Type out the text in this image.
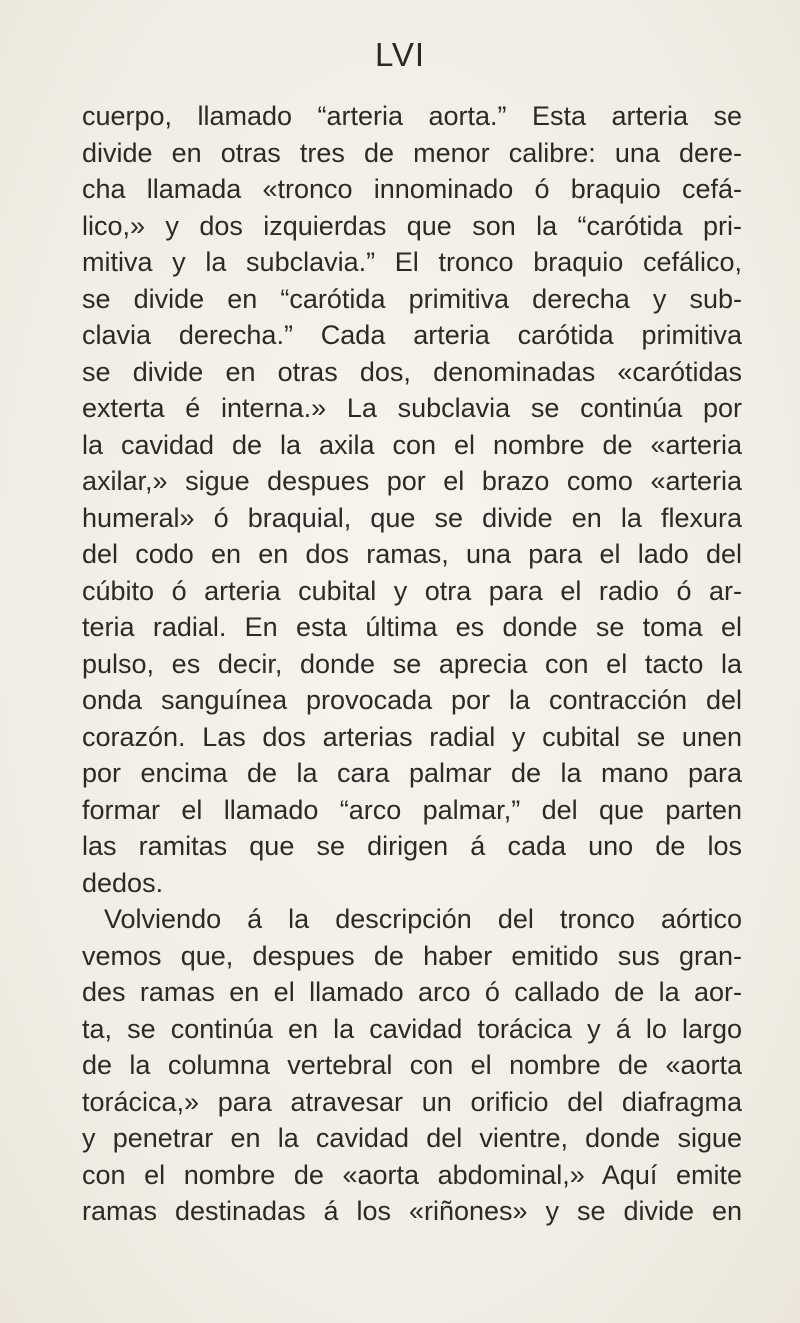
LVI
cuerpo, llamado “arteria aorta.” Esta arteria se
divide en otras tres de menor calibre: una dere-
cha llamada «tronco innominado ó braquio cefá-
lico,» y dos izquierdas que son la “carótida pri-
mitiva y la subclavia.” El tronco braquio cefálico,
se divide en “carótida primitiva derecha y sub-
clavia derecha.” Cada arteria carótida primitiva
se divide en otras dos, denominadas «carótidas
exterta é interna.» La subclavia se continúa por
la cavidad de la axila con el nombre de «arteria
axilar,» sigue despues por el brazo como «arteria
humeral» ó braquial, que se divide en la flexura
del codo en en dos ramas, una para el lado del
cúbito ó arteria cubital y otra para el radio ó ar-
teria radial. En esta última es donde se toma el
pulso, es decir, donde se aprecia con el tacto la
onda sanguínea provocada por la contracción del
corazón. Las dos arterias radial y cubital se unen
por encima de la cara palmar de la mano para
formar el llamado “arco palmar,” del que parten
las ramitas que se dirigen á cada uno de los
dedos.
Volviendo á la descripción del tronco aórtico
vemos que, despues de haber emitido sus gran-
des ramas en el llamado arco ó callado de la aor-
ta, se continúa en la cavidad torácica y á lo largo
de la columna vertebral con el nombre de «aorta
torácica,» para atravesar un orificio del diafragma
y penetrar en la cavidad del vientre, donde sigue
con el nombre de «aorta abdominal,» Aquí emite
ramas destinadas á los «riñones» y se divide en
